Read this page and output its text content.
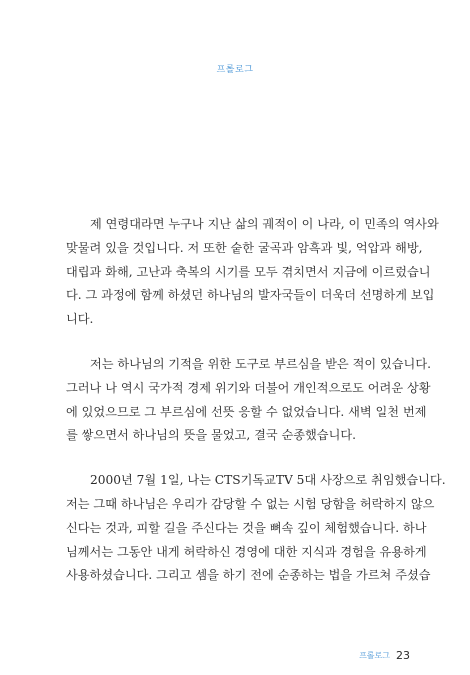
프롤로그
제 연령대라면 누구나 지난 삶의 궤적이 이 나라, 이 민족의 역사와
맞물려 있을 것입니다. 저 또한 숱한 굴곡과 암흑과 빛, 억압과 해방,
대립과 화해, 고난과 축복의 시기를 모두 겪치면서 지금에 이르렀습니
다. 그 과정에 함께 하셨던 하나님의 발자국들이 더욱더 선명하게 보입
니다.
저는 하나님의 기적을 위한 도구로 부르심을 받은 적이 있습니다.
그러나 나 역시 국가적 경제 위기와 더불어 개인적으로도 어려운 상황
에 있었으므로 그 부르심에 선뜻 응할 수 없었습니다. 새벽 일천 번제
를 쌓으면서 하나님의 뜻을 물었고, 결국 순종했습니다.
2000년 7월 1일, 나는 CTS기독교TV 5대 사장으로 취임했습니다.
저는 그때 하나님은 우리가 감당할 수 없는 시험 당함을 허락하지 않으
신다는 것과, 피할 길을 주신다는 것을 뼈속 깊이 체험했습니다. 하나
님께서는 그동안 내게 허락하신 경영에 대한 지식과 경험을 유용하게
사용하셨습니다. 그리고 셈을 하기 전에 순종하는 법을 가르쳐 주셨습
프롤로그 23
